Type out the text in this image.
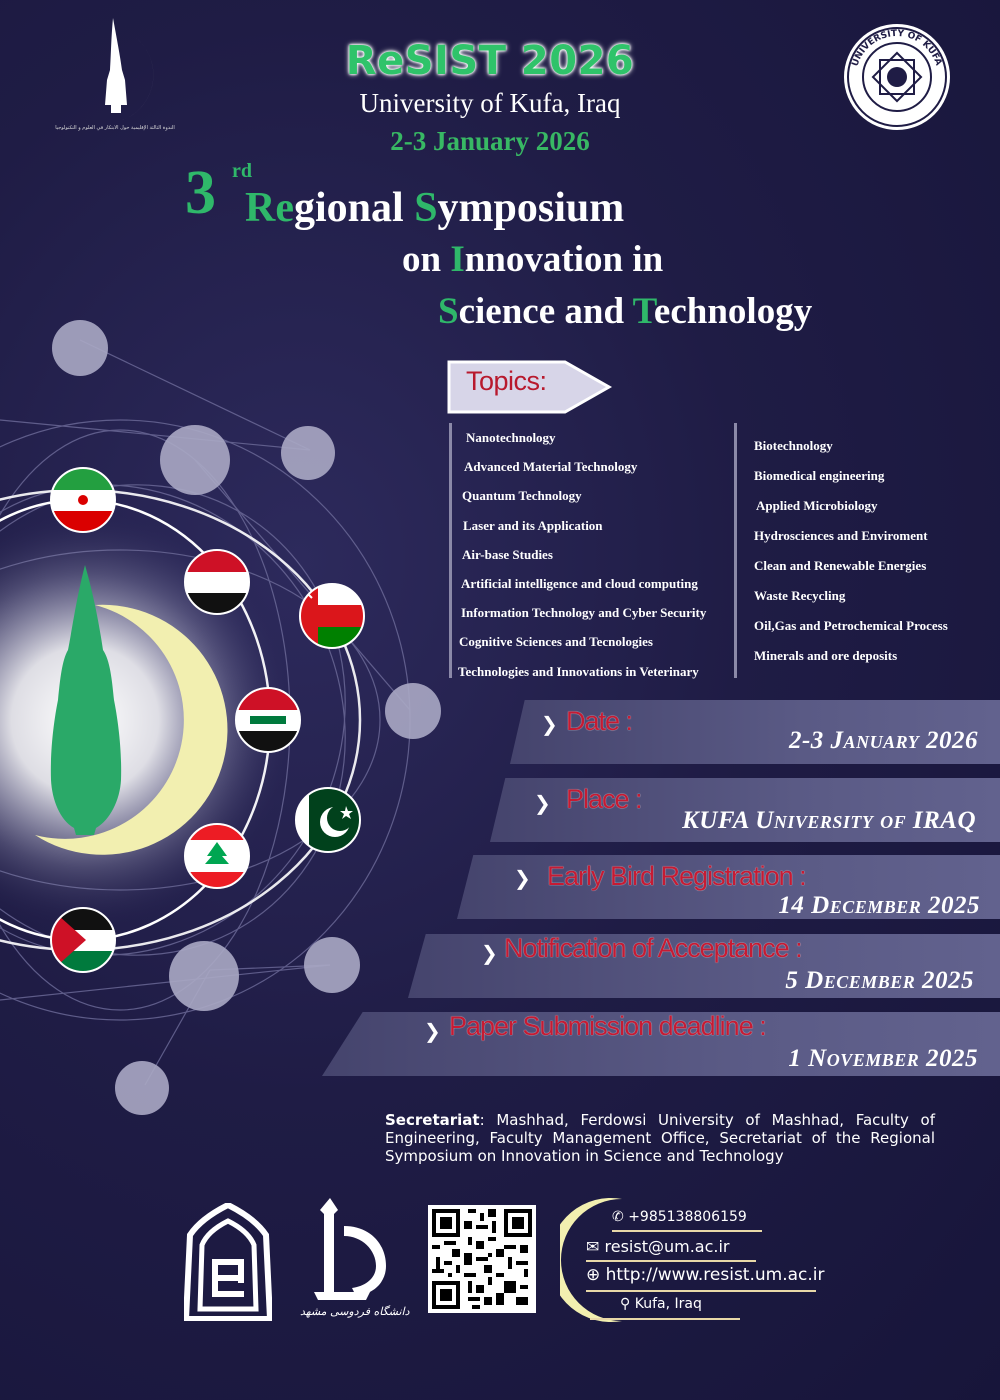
الندوة الثالثة الإقليمية حول الابتكار في العلوم و التكنولوجيا
UNIVERSITY OF KUFA
ReSIST 2026
University of Kufa, Iraq
2-3 January 2026
3 rd
Regional Symposium
on Innovation in
Science and Technology
Topics:
Nanotechnology
Advanced Material Technology
Quantum Technology
Laser and its Application
Air-base Studies
Artificial intelligence and cloud computing
Information Technology and Cyber Security
Cognitive Sciences and Tecnologies
Technologies and Innovations in Veterinary
Biotechnology
Biomedical engineering
Applied Microbiology
Hydrosciences and Enviroment
Clean and Renewable Energies
Waste Recycling
Oil,Gas and Petrochemical Process
Minerals and ore deposits
❯ Date :
2-3 January 2026
❯ Place :
KUFA University of IRAQ
❯ Early Bird Registration :
14 December 2025
❯ Notification of Acceptance :
5 December 2025
❯ Paper Submission deadline :
1 November 2025
Secretariat: Mashhad, Ferdowsi University of Mashhad, Faculty of Engineering, Faculty Management Office, Secretariat of the Regional Symposium on Innovation in Science and Technology
دانشگاه فردوسی مشهد
✆ +985138806159
✉ resist@um.ac.ir
⊕ http://www.resist.um.ac.ir
⚲ Kufa, Iraq
